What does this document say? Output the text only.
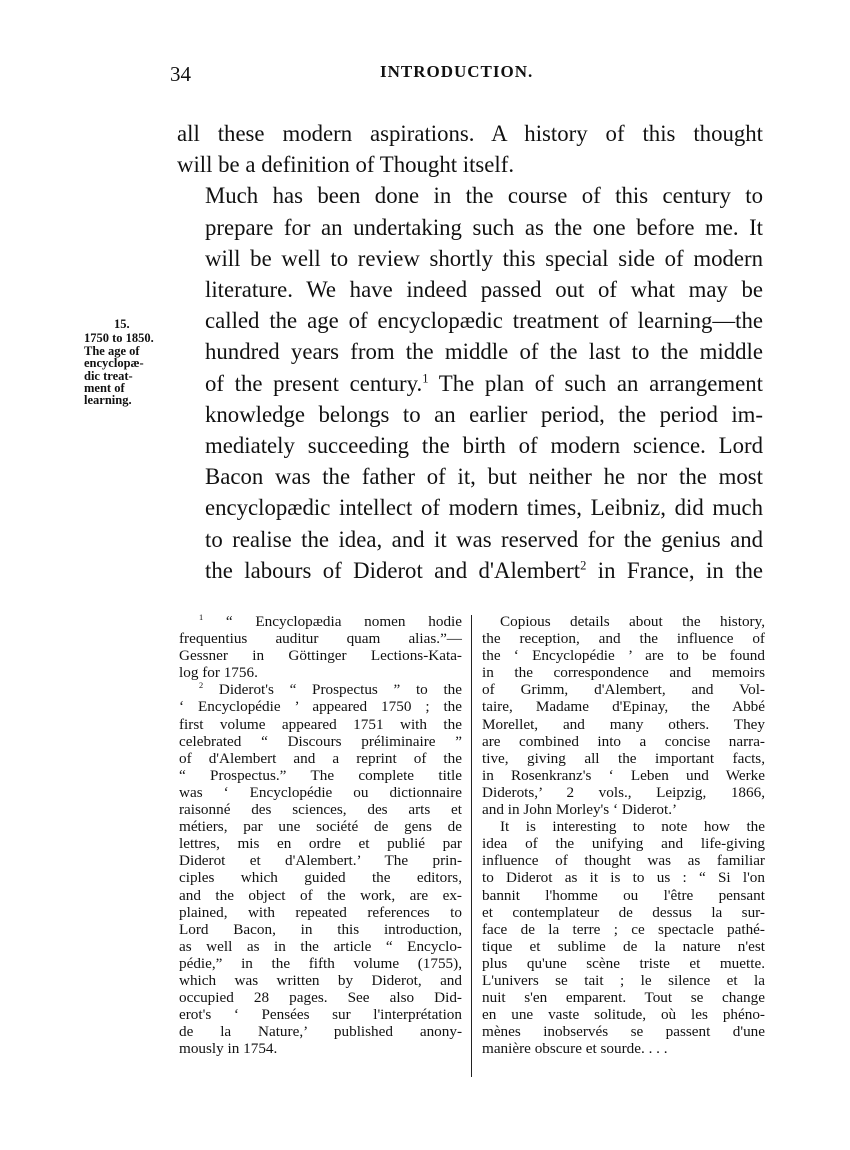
34	INTRODUCTION.
15.
1750 to 1850.
The age of
encyclopæ-
dic treat-
ment of
learning.
all these modern aspirations. A history of this thought
will be a definition of Thought itself.
Much has been done in the course of this century to
prepare for an undertaking such as the one before me. It
will be well to review shortly this special side of modern
literature. We have indeed passed out of what may be
called the age of encyclopædic treatment of learning—the
hundred years from the middle of the last to the middle
of the present century.$^1$ The plan of such an arrangement
knowledge belongs to an earlier period, the period im-
mediately succeeding the birth of modern science. Lord
Bacon was the father of it, but neither he nor the most
encyclopædic intellect of modern times, Leibniz, did much
to realise the idea, and it was reserved for the genius and
the labours of Diderot and d'Alembert$^2$ in France, in the
$^1$ “ Encyclopædia nomen hodie
frequentius auditur quam alias.”—
Gessner in Göttinger Lections-Kata-
log for 1756.
$^2$ Diderot's “ Prospectus ” to the
‘ Encyclopédie ’ appeared 1750 ; the
first volume appeared 1751 with the
celebrated “ Discours préliminaire ”
of d'Alembert and a reprint of the
“ Prospectus.” The complete title
was ‘ Encyclopédie ou dictionnaire
raisonné des sciences, des arts et
métiers, par une société de gens de
lettres, mis en ordre et publié par
Diderot et d'Alembert.’ The prin-
ciples which guided the editors,
and the object of the work, are ex-
plained, with repeated references to
Lord Bacon, in this introduction,
as well as in the article “ Encyclo-
pédie,” in the fifth volume (1755),
which was written by Diderot, and
occupied 28 pages. See also Did-
erot's ‘ Pensées sur l'interprétation
de la Nature,’ published anony-
mously in 1754.
Copious details about the history,
the reception, and the influence of
the ‘ Encyclopédie ’ are to be found
in the correspondence and memoirs
of Grimm, d'Alembert, and Vol-
taire, Madame d'Epinay, the Abbé
Morellet, and many others. They
are combined into a concise narra-
tive, giving all the important facts,
in Rosenkranz's ‘ Leben und Werke
Diderots,’ 2 vols., Leipzig, 1866,
and in John Morley's ‘ Diderot.’
It is interesting to note how the
idea of the unifying and life-giving
influence of thought was as familiar
to Diderot as it is to us : “ Si l'on
bannit l'homme ou l'être pensant
et contemplateur de dessus la sur-
face de la terre ; ce spectacle pathé-
tique et sublime de la nature n'est
plus qu'une scène triste et muette.
L'univers se tait ; le silence et la
nuit s'en emparent. Tout se change
en une vaste solitude, où les phéno-
mènes inobservés se passent d'une
manière obscure et sourde. . . .
